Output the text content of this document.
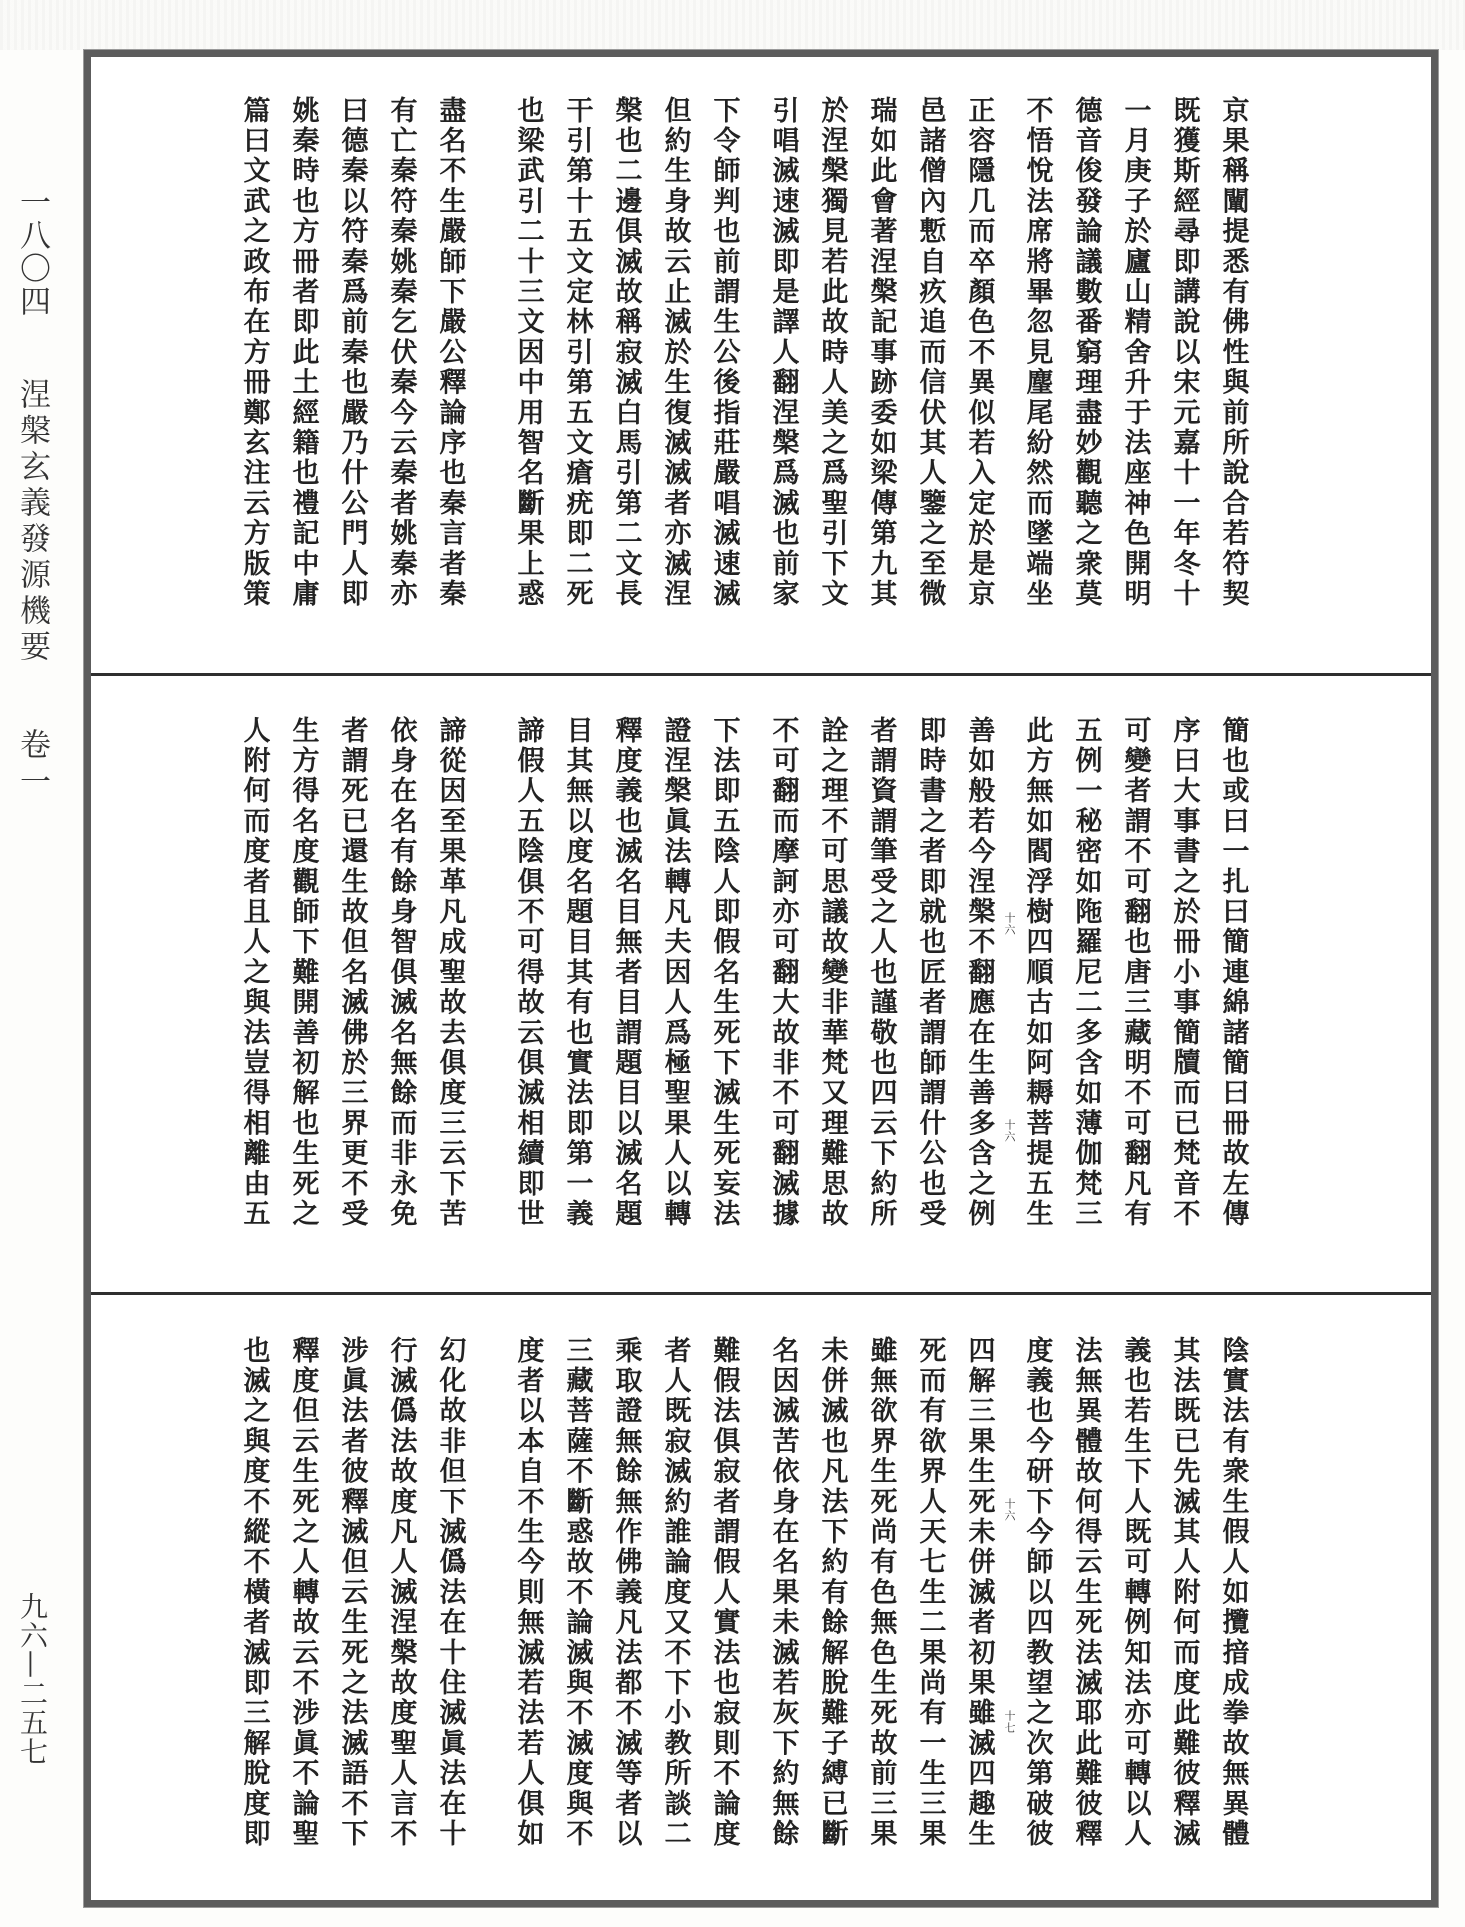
一八〇四
涅槃玄義發源機要
卷一
九六—二五七
京果稱闡提悉有佛性與前所說合若符契
既獲斯經尋即講說以宋元嘉十一年冬十
一月庚子於廬山精舍升于法座神色開明
德音俊發論議數番窮理盡妙觀聽之衆莫
不悟悅法席將畢忽見麈尾紛然而墜端坐
正容隱几而卒顏色不異似若入定於是京
邑諸僧內慙自疚追而信伏其人鑒之至微
瑞如此會著涅槃記事跡委如梁傳第九其
於涅槃獨見若此故時人美之爲聖引下文
引唱滅速滅即是譯人翻涅槃爲滅也前家
下令師判也前謂生公後指莊嚴唱滅速滅
但約生身故云止滅於生復滅滅者亦滅涅
槃也二邊俱滅故稱寂滅白馬引第二文長
干引第十五文定林引第五文瘡疣即二死
也梁武引二十三文因中用智名斷果上惑
盡名不生嚴師下嚴公釋論序也秦言者秦
有亡秦符秦姚秦乞伏秦今云秦者姚秦亦
曰德秦以符秦爲前秦也嚴乃什公門人即
姚秦時也方冊者即此土經籍也禮記中庸
篇曰文武之政布在方冊鄭玄注云方版策
簡也或曰一扎曰簡連綿諸簡曰冊故左傳
序曰大事書之於冊小事簡牘而已梵音不
可變者謂不可翻也唐三藏明不可翻凡有
五例一秘密如陁羅尼二多含如薄伽梵三
此方無如閻浮樹四順古如阿耨菩提五生
善如般若今涅槃不翻應在生善多含之例
即時書之者即就也匠者謂師謂什公也受
者謂資謂筆受之人也謹敬也四云下約所
詮之理不可思議故變非華梵又理難思故
不可翻而摩訶亦可翻大故非不可翻滅據
下法即五陰人即假名生死下滅生死妄法
證涅槃眞法轉凡夫因人爲極聖果人以轉
釋度義也滅名目無者目謂題目以滅名題
目其無以度名題目其有也實法即第一義
諦假人五陰俱不可得故云俱滅相續即世
諦從因至果革凡成聖故去俱度三云下苦
依身在名有餘身智俱滅名無餘而非永免
者謂死已還生故但名滅佛於三界更不受
生方得名度觀師下難開善初解也生死之
人附何而度者且人之與法豈得相離由五	十六
十六
陰實法有衆生假人如攬揞成拳故無異體
其法既已先滅其人附何而度此難彼釋滅
義也若生下人既可轉例知法亦可轉以人
法無異體故何得云生死法滅耶此難彼釋
度義也今研下今師以四教望之次第破彼
四解三果生死未併滅者初果雖滅四趣生
死而有欲界人天七生二果尚有一生三果
雖無欲界生死尚有色無色生死故前三果
未併滅也凡法下約有餘解脫難子縛已斷
名因滅苦依身在名果未滅若灰下約無餘
難假法俱寂者謂假人實法也寂則不論度
者人既寂滅約誰論度又不下小教所談二
乘取證無餘無作佛義凡法都不滅等者以
三藏菩薩不斷惑故不論滅與不滅度與不
度者以本自不生今則無滅若法若人俱如
幻化故非但下滅僞法在十住滅眞法在十
行滅僞法故度凡人滅涅槃故度聖人言不
涉眞法者彼釋滅但云生死之法滅語不下
釋度但云生死之人轉故云不涉眞不論聖
也滅之與度不縱不橫者滅即三解脫度即	十六
十七
